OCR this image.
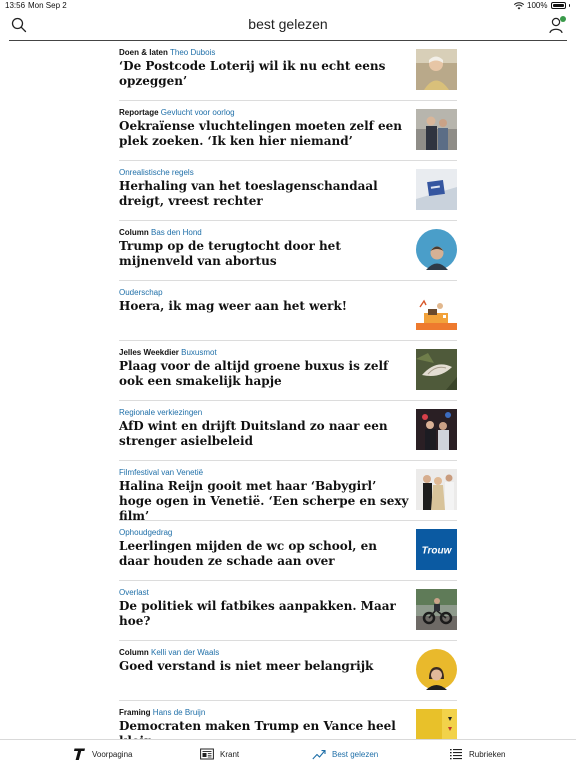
13:56 Mon Sep 2	100%
best gelezen
Doen & laten Theo Dubois
‘De Postcode Loterij wil ik nu echt eens opzeggen’
Reportage Gevlucht voor oorlog
Oekraïense vluchtelingen moeten zelf een plek zoeken. ‘Ik ken hier niemand’
Onrealistische regels
Herhaling van het toeslagenschandaal dreigt, vreest rechter
Column Bas den Hond
Trump op de terugtocht door het mijnenveld van abortus
Ouderschap
Hoera, ik mag weer aan het werk!
Jelles Weekdier Buxusmot
Plaag voor de altijd groene buxus is zelf ook een smakelijk hapje
Regionale verkiezingen
AfD wint en drijft Duitsland zo naar een strenger asielbeleid
Filmfestival van Venetië
Halina Reijn gooit met haar ‘Babygirl’ hoge ogen in Venetië. ‘Een scherpe en sexy film’
Ophoudgedrag
Leerlingen mijden de wc op school, en daar houden ze schade aan over
Trouw
Overlast
De politiek wil fatbikes aanpakken. Maar hoe?
Column Kelli van der Waals
Goed verstand is niet meer belangrijk
Framing Hans de Bruijn
Democraten maken Trump en Vance heel
Voorpagina	Krant	Best gelezen	Rubrieken
